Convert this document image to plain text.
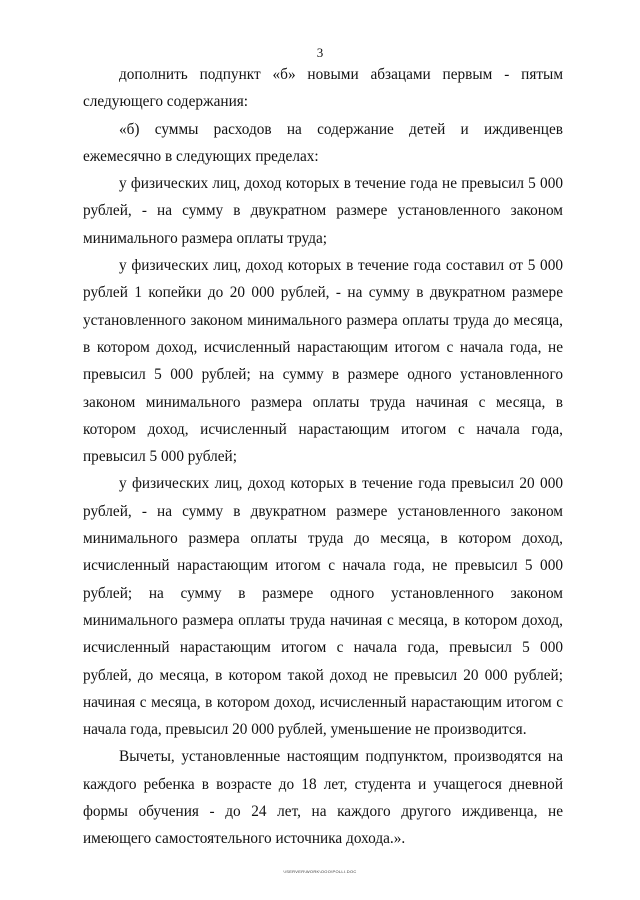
3

дополнить подпункт «б» новыми абзацами первым - пятым следующего содержания:

«б) суммы расходов на содержание детей и иждивенцев ежемесячно в следующих пределах:

у физических лиц, доход которых в течение года не превысил 5 000 рублей, - на сумму в двукратном размере установленного законом минимального размера оплаты труда;

у физических лиц, доход которых в течение года составил от 5 000 рублей 1 копейки до 20 000 рублей, - на сумму в двукратном размере установленного законом минимального размера оплаты труда до месяца, в котором доход, исчисленный нарастающим итогом с начала года, не превысил 5 000 рублей; на сумму в размере одного установленного законом минимального размера оплаты труда начиная с месяца, в котором доход, исчисленный нарастающим итогом с начала года, превысил 5 000 рублей;

у физических лиц, доход которых в течение года превысил 20 000 рублей, - на сумму в двукратном размере установленного законом минимального размера оплаты труда до месяца, в котором доход, исчисленный нарастающим итогом с начала года, не превысил 5 000 рублей; на сумму в размере одного установленного законом минимального размера оплаты труда начиная с месяца, в котором доход, исчисленный нарастающим итогом с начала года, превысил 5 000 рублей, до месяца, в котором такой доход не превысил 20 000 рублей; начиная с месяца, в котором доход, исчисленный нарастающим итогом с начала года, превысил 20 000 рублей, уменьшение не производится.

Вычеты, установленные настоящим подпунктом, производятся на каждого ребенка в возрасте до 18 лет, студента и учащегося дневной формы обучения - до 24 лет, на каждого другого иждивенца, не имеющего самостоятельного источника дохода.».

\\SERVER\WORK\OOO\POLLI.DOC
